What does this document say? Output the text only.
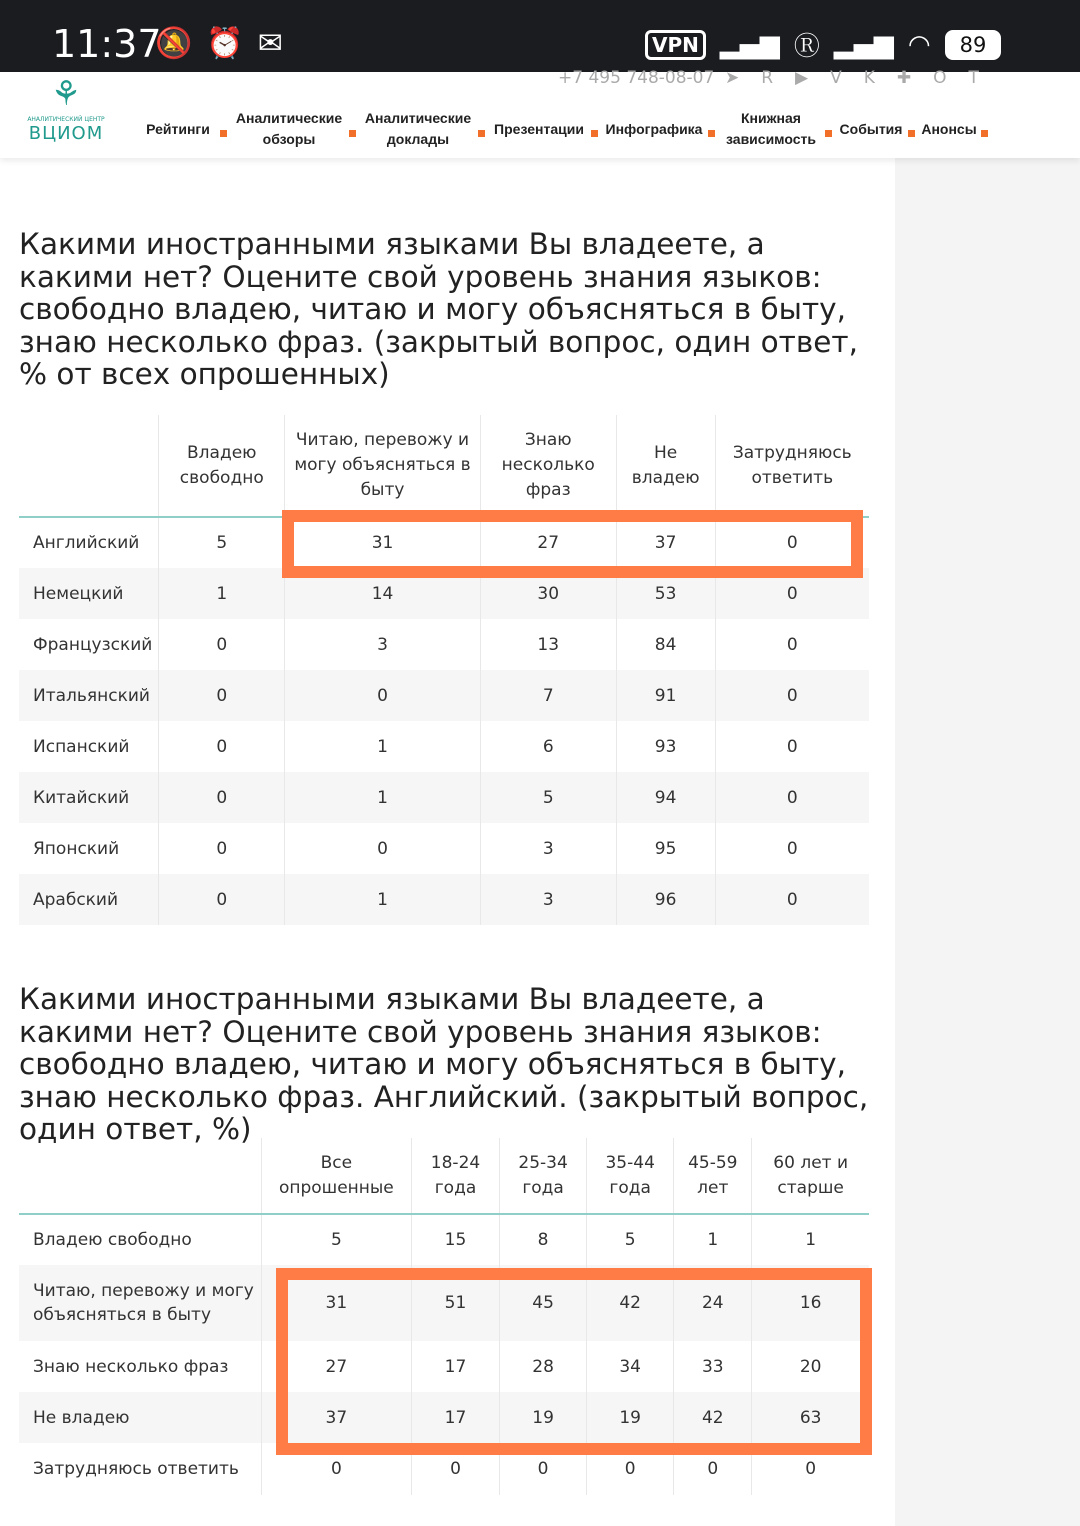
11:37
🔕⏰✉	VPN ▂▄▆ Ⓡ ▂▄▆ ◠	89
⚘
АНАЛИТИЧЕСКИЙ ЦЕНТР
ВЦИОМ
+7 495 748-08-07 ➤R▶VK✚ОТ
Рейтинги
Аналитические обзоры
Аналитические доклады
Презентации Инфографика
Книжная зависимость
События Анонсы
Какими иностранными языками Вы владеете, а какими нет? Оцените свой уровень знания языков: свободно владею, читаю и могу объясняться в быту, знаю несколько фраз. (закрытый вопрос, один ответ, % от всех опрошенных)
	Владею свободно	Читаю, перевожу и могу объясняться в быту	Знаю несколько фраз	Не владею	Затрудняюсь ответить
Английский	5	31	27	37	0
Немецкий	1	14	30	53	0
Французский	0	3	13	84	0
Итальянский	0	0	7	91	0
Испанский	0	1	6	93	0
Китайский	0	1	5	94	0
Японский	0	0	3	95	0
Арабский	0	1	3	96	0
Какими иностранными языками Вы владеете, а какими нет? Оцените свой уровень знания языков: свободно владею, читаю и могу объясняться в быту, знаю несколько фраз. Английский. (закрытый вопрос, один ответ, %)
	Все опрошенные	18-24 года	25-34 года	35-44 года	45-59 лет	60 лет и старше
Владею свободно	5	15	8	5	1	1
Читаю, перевожу и могу объясняться в быту	31	51	45	42	24	16
Знаю несколько фраз	27	17	28	34	33	20
Не владею	37	17	19	19	42	63
Затрудняюсь ответить	0	0	0	0	0	0
